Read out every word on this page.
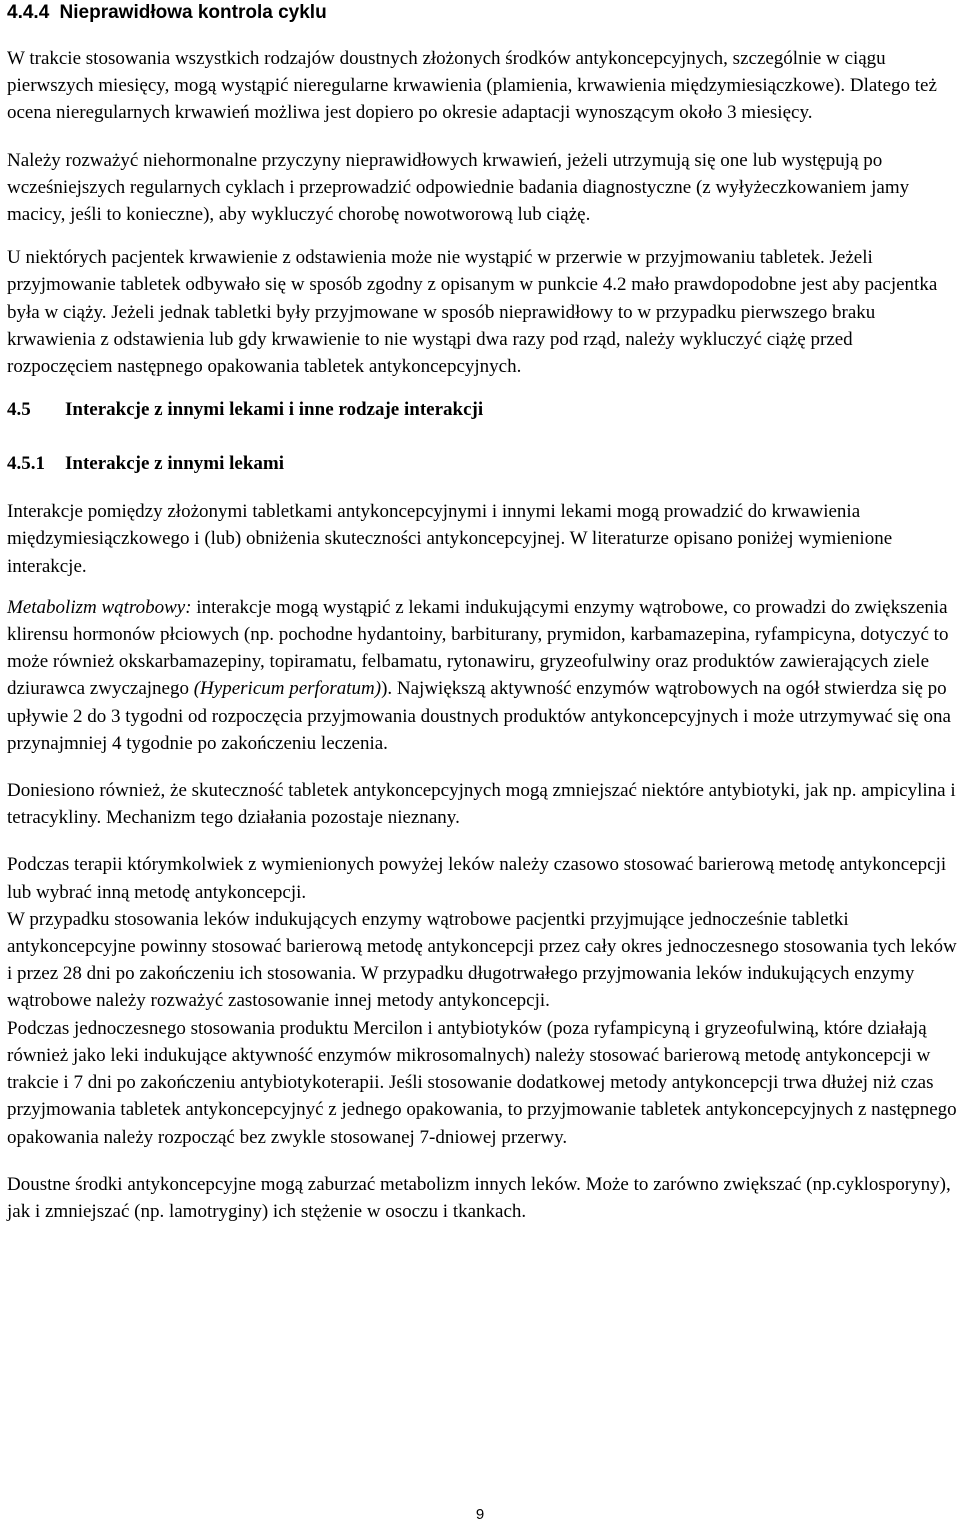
4.4.4 Nieprawidłowa kontrola cyklu

W trakcie stosowania wszystkich rodzajów doustnych złożonych środków antykoncepcyjnych, szczególnie w ciągu pierwszych miesięcy, mogą wystąpić nieregularne krwawienia (plamienia, krwawienia międzymiesiączkowe). Dlatego też ocena nieregularnych krwawień możliwa jest dopiero po okresie adaptacji wynoszącym około 3 miesięcy.

Należy rozważyć niehormonalne przyczyny nieprawidłowych krwawień, jeżeli utrzymują się one lub występują po wcześniejszych regularnych cyklach i przeprowadzić odpowiednie badania diagnostyczne (z wyłyżeczkowaniem jamy macicy, jeśli to konieczne), aby wykluczyć chorobę nowotworową lub ciążę.

U niektórych pacjentek krwawienie z odstawienia może nie wystąpić w przerwie w przyjmowaniu tabletek. Jeżeli przyjmowanie tabletek odbywało się w sposób zgodny z opisanym w punkcie 4.2 mało prawdopodobne jest aby pacjentka była w ciąży. Jeżeli jednak tabletki były przyjmowane w sposób nieprawidłowy to w przypadku pierwszego braku krwawienia z odstawienia lub gdy krwawienie to nie wystąpi dwa razy pod rząd, należy wykluczyć ciążę przed rozpoczęciem następnego opakowania tabletek antykoncepcyjnych.

4.5 Interakcje z innymi lekami i inne rodzaje interakcji
4.5.1 Interakcje z innymi lekami

Interakcje pomiędzy złożonymi tabletkami antykoncepcyjnymi i innymi lekami mogą prowadzić do krwawienia międzymiesiączkowego i (lub) obniżenia skuteczności antykoncepcyjnej. W literaturze opisano poniżej wymienione interakcje.

Metabolizm wątrobowy: interakcje mogą wystąpić z lekami indukującymi enzymy wątrobowe, co prowadzi do zwiększenia klirensu hormonów płciowych (np. pochodne hydantoiny, barbiturany, prymidon, karbamazepina, ryfampicyna, dotyczyć to może również okskarbamazepiny, topiramatu, felbamatu, rytonawiru, gryzeofulwiny oraz produktów zawierających ziele dziurawca zwyczajnego (Hypericum perforatum)). Największą aktywność enzymów wątrobowych na ogół stwierdza się po upływie 2 do 3 tygodni od rozpoczęcia przyjmowania doustnych produktów antykoncepcyjnych i może utrzymywać się ona przynajmniej 4 tygodnie po zakończeniu leczenia.

Doniesiono również, że skuteczność tabletek antykoncepcyjnych mogą zmniejszać niektóre antybiotyki, jak np. ampicylina i tetracykliny. Mechanizm tego działania pozostaje nieznany.

Podczas terapii którymkolwiek z wymienionych powyżej leków należy czasowo stosować barierową metodę antykoncepcji lub wybrać inną metodę antykoncepcji.

W przypadku stosowania leków indukujących enzymy wątrobowe pacjentki przyjmujące jednocześnie tabletki antykoncepcyjne powinny stosować barierową metodę antykoncepcji przez cały okres jednoczesnego stosowania tych leków i przez 28 dni po zakończeniu ich stosowania. W przypadku długotrwałego przyjmowania leków indukujących enzymy wątrobowe należy rozważyć zastosowanie innej metody antykoncepcji.

Podczas jednoczesnego stosowania produktu Mercilon i antybiotyków (poza ryfampicyną i gryzeofulwiną, które działają również jako leki indukujące aktywność enzymów mikrosomalnych) należy stosować barierową metodę antykoncepcji w trakcie i 7 dni po zakończeniu antybiotykoterapii. Jeśli stosowanie dodatkowej metody antykoncepcji trwa dłużej niż czas przyjmowania tabletek antykoncepcyjnyć z jednego opakowania, to przyjmowanie tabletek antykoncepcyjnych z następnego opakowania należy rozpocząć bez zwykle stosowanej 7-dniowej przerwy.

Doustne środki antykoncepcyjne mogą zaburzać metabolizm innych leków. Może to zarówno zwiększać (np.cyklosporyny), jak i zmniejszać (np. lamotryginy) ich stężenie w osoczu i tkankach.

9
